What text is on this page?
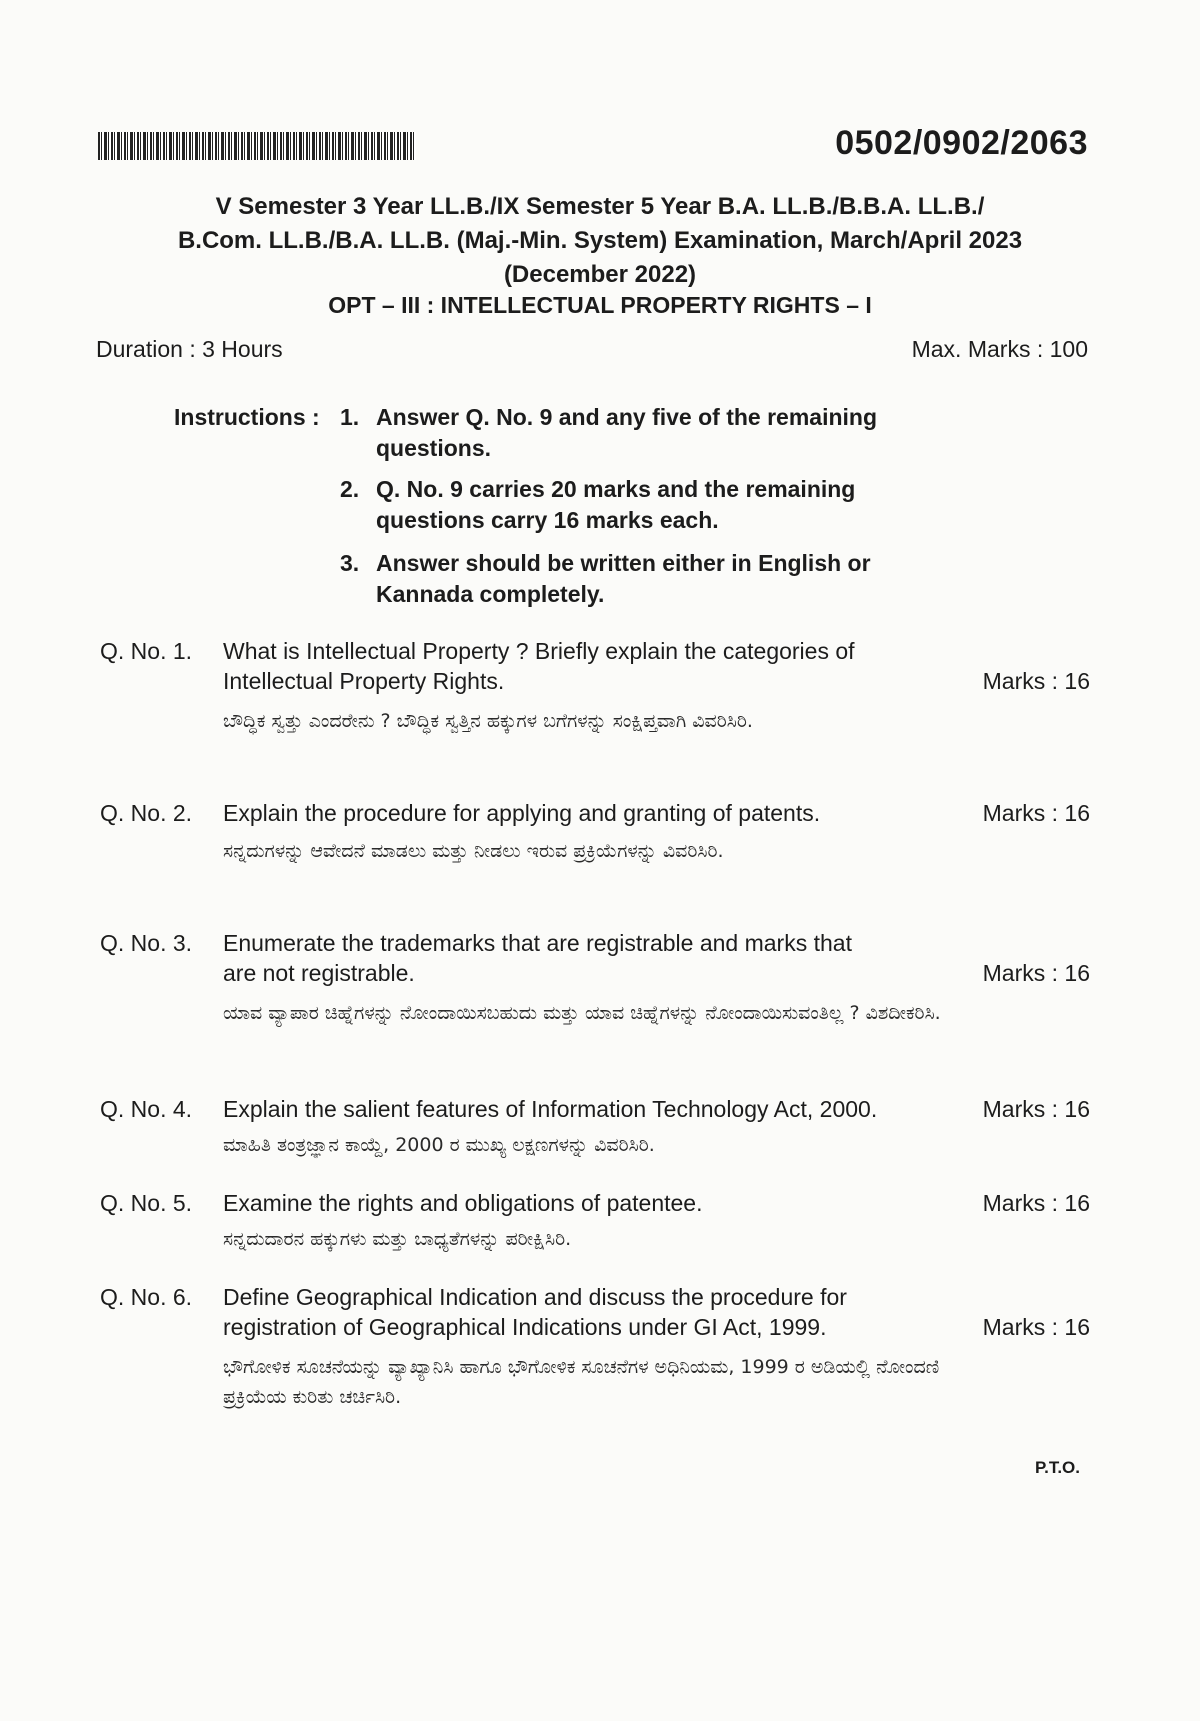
0502/0902/2063
V Semester 3 Year LL.B./IX Semester 5 Year B.A. LL.B./B.B.A. LL.B./
B.Com. LL.B./B.A. LL.B. (Maj.-Min. System) Examination, March/April 2023
(December 2022)
OPT – III : INTELLECTUAL PROPERTY RIGHTS – I
Duration : 3 Hours	Max. Marks : 100
Instructions : 1. Answer Q. No. 9 and any five of the remaining questions.
2. Q. No. 9 carries 20 marks and the remaining questions carry 16 marks each.
3. Answer should be written either in English or Kannada completely.
Q. No. 1. What is Intellectual Property ? Briefly explain the categories of Intellectual Property Rights.	Marks : 16
ಬೌದ್ಧಿಕ ಸ್ವತ್ತು ಎಂದರೇನು ? ಬೌದ್ಧಿಕ ಸ್ವತ್ತಿನ ಹಕ್ಕುಗಳ ಬಗೆಗಳನ್ನು ಸಂಕ್ಷಿಪ್ತವಾಗಿ ವಿವರಿಸಿರಿ.
Q. No. 2. Explain the procedure for applying and granting of patents.	Marks : 16
ಸನ್ನದುಗಳನ್ನು ಆವೇದನೆ ಮಾಡಲು ಮತ್ತು ನೀಡಲು ಇರುವ ಪ್ರಕ್ರಿಯೆಗಳನ್ನು ವಿವರಿಸಿರಿ.
Q. No. 3. Enumerate the trademarks that are registrable and marks that are not registrable.	Marks : 16
ಯಾವ ವ್ಯಾಪಾರ ಚಿಹ್ನೆಗಳನ್ನು ನೋಂದಾಯಿಸಬಹುದು ಮತ್ತು ಯಾವ ಚಿಹ್ನೆಗಳನ್ನು ನೋಂದಾಯಿಸುವಂತಿಲ್ಲ ? ವಿಶದೀಕರಿಸಿ.
Q. No. 4. Explain the salient features of Information Technology Act, 2000.	Marks : 16
ಮಾಹಿತಿ ತಂತ್ರಜ್ಞಾನ ಕಾಯ್ದೆ, 2000 ರ ಮುಖ್ಯ ಲಕ್ಷಣಗಳನ್ನು ವಿವರಿಸಿರಿ.
Q. No. 5. Examine the rights and obligations of patentee.	Marks : 16
ಸನ್ನದುದಾರನ ಹಕ್ಕುಗಳು ಮತ್ತು ಬಾಧ್ಯತೆಗಳನ್ನು ಪರೀಕ್ಷಿಸಿರಿ.
Q. No. 6. Define Geographical Indication and discuss the procedure for registration of Geographical Indications under GI Act, 1999.	Marks : 16
ಭೌಗೋಳಿಕ ಸೂಚನೆಯನ್ನು ವ್ಯಾಖ್ಯಾನಿಸಿ ಹಾಗೂ ಭೌಗೋಳಿಕ ಸೂಚನೆಗಳ ಅಧಿನಿಯಮ, 1999 ರ ಅಡಿಯಲ್ಲಿ ನೋಂದಣಿ ಪ್ರಕ್ರಿಯೆಯ ಕುರಿತು ಚರ್ಚಿಸಿರಿ.
P.T.O.
